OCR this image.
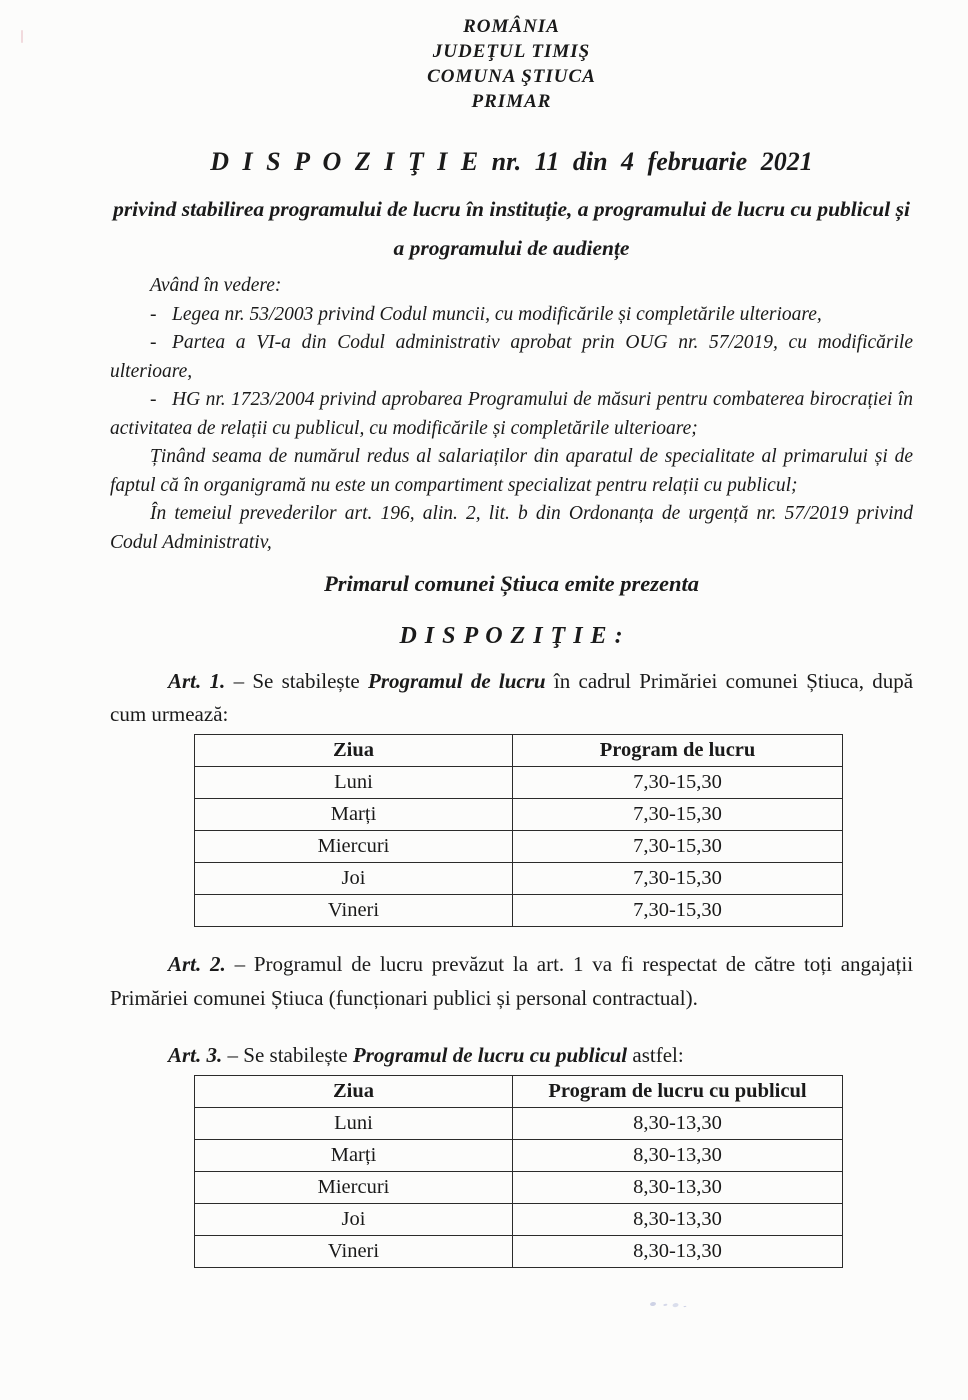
ROMÂNIA
JUDEŢUL TIMIŞ
COMUNA ŞTIUCA
PRIMAR
D I S P O Z I Ţ I E nr. 11 din 4 februarie 2021
privind stabilirea programului de lucru în instituție, a programului de lucru cu publicul și a programului de audiențe

Având în vedere:

- Legea nr. 53/2003 privind Codul muncii, cu modificările și completările ulterioare,

- Partea a VI-a din Codul administrativ aprobat prin OUG nr. 57/2019, cu modificările ulterioare,

- HG nr. 1723/2004 privind aprobarea Programului de măsuri pentru combaterea birocrației în activitatea de relații cu publicul, cu modificările și completările ulterioare;

Ținând seama de numărul redus al salariaților din aparatul de specialitate al primarului și de faptul că în organigramă nu este un compartiment specializat pentru relații cu publicul;

În temeiul prevederilor art. 196, alin. 2, lit. b din Ordonanța de urgență nr. 57/2019 privind Codul Administrativ,

Primarul comunei Știuca emite prezenta
D I S P O Z I Ţ I E :

Art. 1. – Se stabilește Programul de lucru în cadrul Primăriei comunei Știuca, după cum urmează:

Ziua	Program de lucru
Luni	7,30-15,30
Marți	7,30-15,30
Miercuri	7,30-15,30
Joi	7,30-15,30
Vineri	7,30-15,30

Art. 2. – Programul de lucru prevăzut la art. 1 va fi respectat de către toți angajații Primăriei comunei Știuca (funcționari publici și personal contractual).

Art. 3. – Se stabilește Programul de lucru cu publicul astfel:

Ziua	Program de lucru cu publicul
Luni	8,30-13,30
Marți	8,30-13,30
Miercuri	8,30-13,30
Joi	8,30-13,30
Vineri	8,30-13,30
